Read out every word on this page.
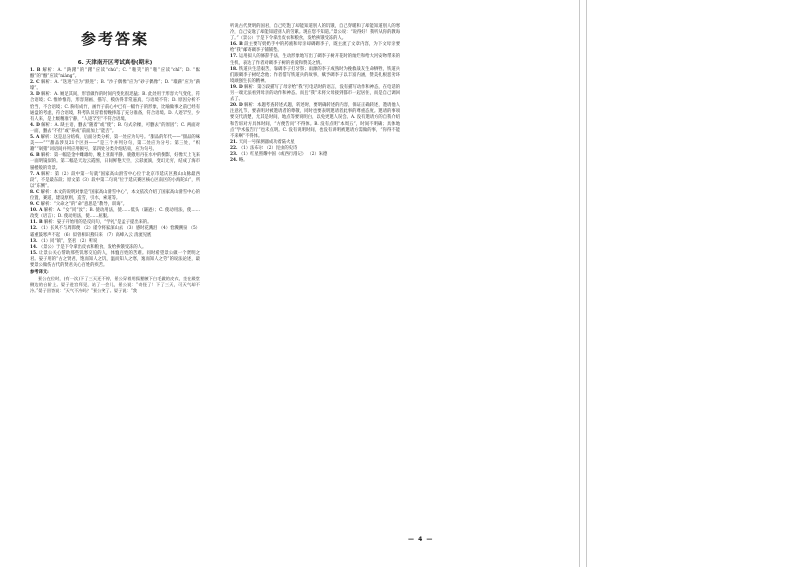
参考答案
6. 天津南开区考试真卷(期末)

1. B 解析：A. “踌躇”的“躇”应读“chú”；C. “嗤笑”的“嗤”应读“chī”；D. “酝酿”的“酿”应读“niàng”。

2. C 解析：A. “迭进”应为“跌进”；B. “沙子偶像”应为“砂子偶像”；D. “壕薪”应为“薪壕”。

3. D 解析：A. 厕足其间，形容做作的时间内变化很迅猛；B. 此处用于形容大气变化，符合语境；C. 惟妙惟肖，形容刻画、描写、模仿得非常逼真，与语境不符；D. 原因分析不恰当，不合语境；C. 胸有成竹，画竹子前心中已有一幅竹子的形象，比喻做事之前已经有通盘的考虑，符合语境，科考队员冒着傍晚摔落了充分准备，符合语境。D. 人迹罕至，少有人来，是上级精准宁静，“人迹罕至”不符合语境。

4. D 解析：A. 缺主语，删去“随着”或“使”；B. 句式杂糅，可删去“的原因”；C. 两面对一面，删去“不但”或“养成”前面加上“能否”。

5. A 解析：这是总分结构，后面分类分析，第一处应为句号。“甜品的年代——“甜品的味美——””“甜品涉及21个区县——”是三个并列分句，第二处应为分号；第三处，“织籍”“剁猪”词语间并列应用顿号，第四处分类介绍结束，应为句号。

6. B 解析：第一幅是金中雌雄幼，晚上亚裔平静，鹿傲用丹在水中的倒影，好像天上飞来一面明镜似的。第二幅是天边云霞图，日间鲜艳天空，云彩流淌，变幻无穷，结成了海市蜃楼般的奇景。

7. A 解析：第（2）段中第一句就“国家高山滑雪中心位于北京市延庆区燕山山脉最西段”，不是最东段；原文第（3）段中第二句说“位于延庆赛区核心区南区的小海陀山”，所以“东侧”。

8. C 解析：本文的说明对象是“国家高山滑雪中心”，本文依次介绍了国家高山滑雪中心的位置，赛道，建设原则，造雪，引水，索道等。

9. C 解析：“父命之”的“命”意思是“教导，训诲”。

10. A 解析：A. “女”同“汝”；B. 使动用法，使……低头（谦逊）；C. 使动用法，使……改变（语言）；D. 使动用法，使……屈服。

11. B 解析：晏子开始用的是反问句，“学礼”是孟子提出来的。

12. （1）长风不与周郎便 （2）谨令将家深山去 （3）感时花溅泪 （4）恰溅溯泉 （5）霜重鼓寒声不起 （6）似曾相识燕归来 （7）高峰入云 清流见底

13. （1）同“镇”，坚君 （2）听说

14. （景公）于是下令拿出皮衣和粮食，发给挨饿受冻的人。

15. 让景公关心帮助那些饥寒交迫的人，体恤百姓的苦难。同时希望景公做一个贤明之君。晏子用的“古之贤君，饱而知人之饥，温而知人之寒，逸而知人之劳”的说法论述，最要景公做伤古代的贤君关心百姓的疾苦。

参考译文:

景公在位时，(有一次)下了三天还不停，景公穿着用狐狸腋下白毛做的皮衣，坐在殿堂侧边的台阶上。晏子进宫拜见，站了一会儿，景公说：“奇怪了！下了三天，可天气却不冷。”晏子回答说：“天气不冷吗？”景公笑了。晏子说：“我

听说古代贤明的国君，自己吃饱了却能知道别人的饥饿，自己穿暖和了却能知道别人的寒冷，自己安逸了却能知道别人的劳累。现在您不知道。”景公说：“说得好！我听从你的教诲了。”（景公）于是下令拿出皮衣和粮食，发给挨饿受冻的人。

16. B 段主要写奶奶手中的药液和母亲却碉砌李子，既主流了文章内容，为下文母亲要给“我”邮寄碉李子铺铺垫。

17. 运用拟人的修辞手法，生动形象地写出了碉李子树开花时的灿烂和给大河安吻带来的生机，表达了作者对碉李子树的喜爱和赞美之情。

18. 铁道兵生活艰苦，靠碉李子打牙祭；雨源的李子成熟时为挽救战友生命牺牲，铁道兵们跟碉李子树纪念他；作者借写铁道兵的故事，赋予碉李子以丰富内涵，赞美扎根恶劣环境顽强生长的精神。

19. D 解析：第⑤段描写了母亲给“我”打电话时的语言，没有描写动作和神态，在电话的另一端无法看到母亲的动作和神态。而且“我”未将父母接到都市一起居住，而是自己调回去了。

20. D 解析：本题考查转述式题，转述时，要明确转述的内容，保证正确转述，邀请他人注意礼节，要表明对被邀请者的尊敬，同时也要表明邀请者此事的尊重态度。邀请的事项要交代清楚，尤其是时间，地点等要说明白，以免更邀人误会。A. 没有邀请方的自我介绍和告诉对方具体时间，“方便告问”不得体。B. 没有点明“本周五”，时间不明确；具体地点“学术报告厅”也未点明。C. 没有说明时间，也没有讲明被邀请方需做的事，“你得不能不来啊”不得体。

21. 天问一号探测器成功着陆火星

22. （1）法布尔 （2）昆虫的史诗

23. （1）红星照耀中国（或西行漫记） （2）朱德

24. 略。

— 4 —
